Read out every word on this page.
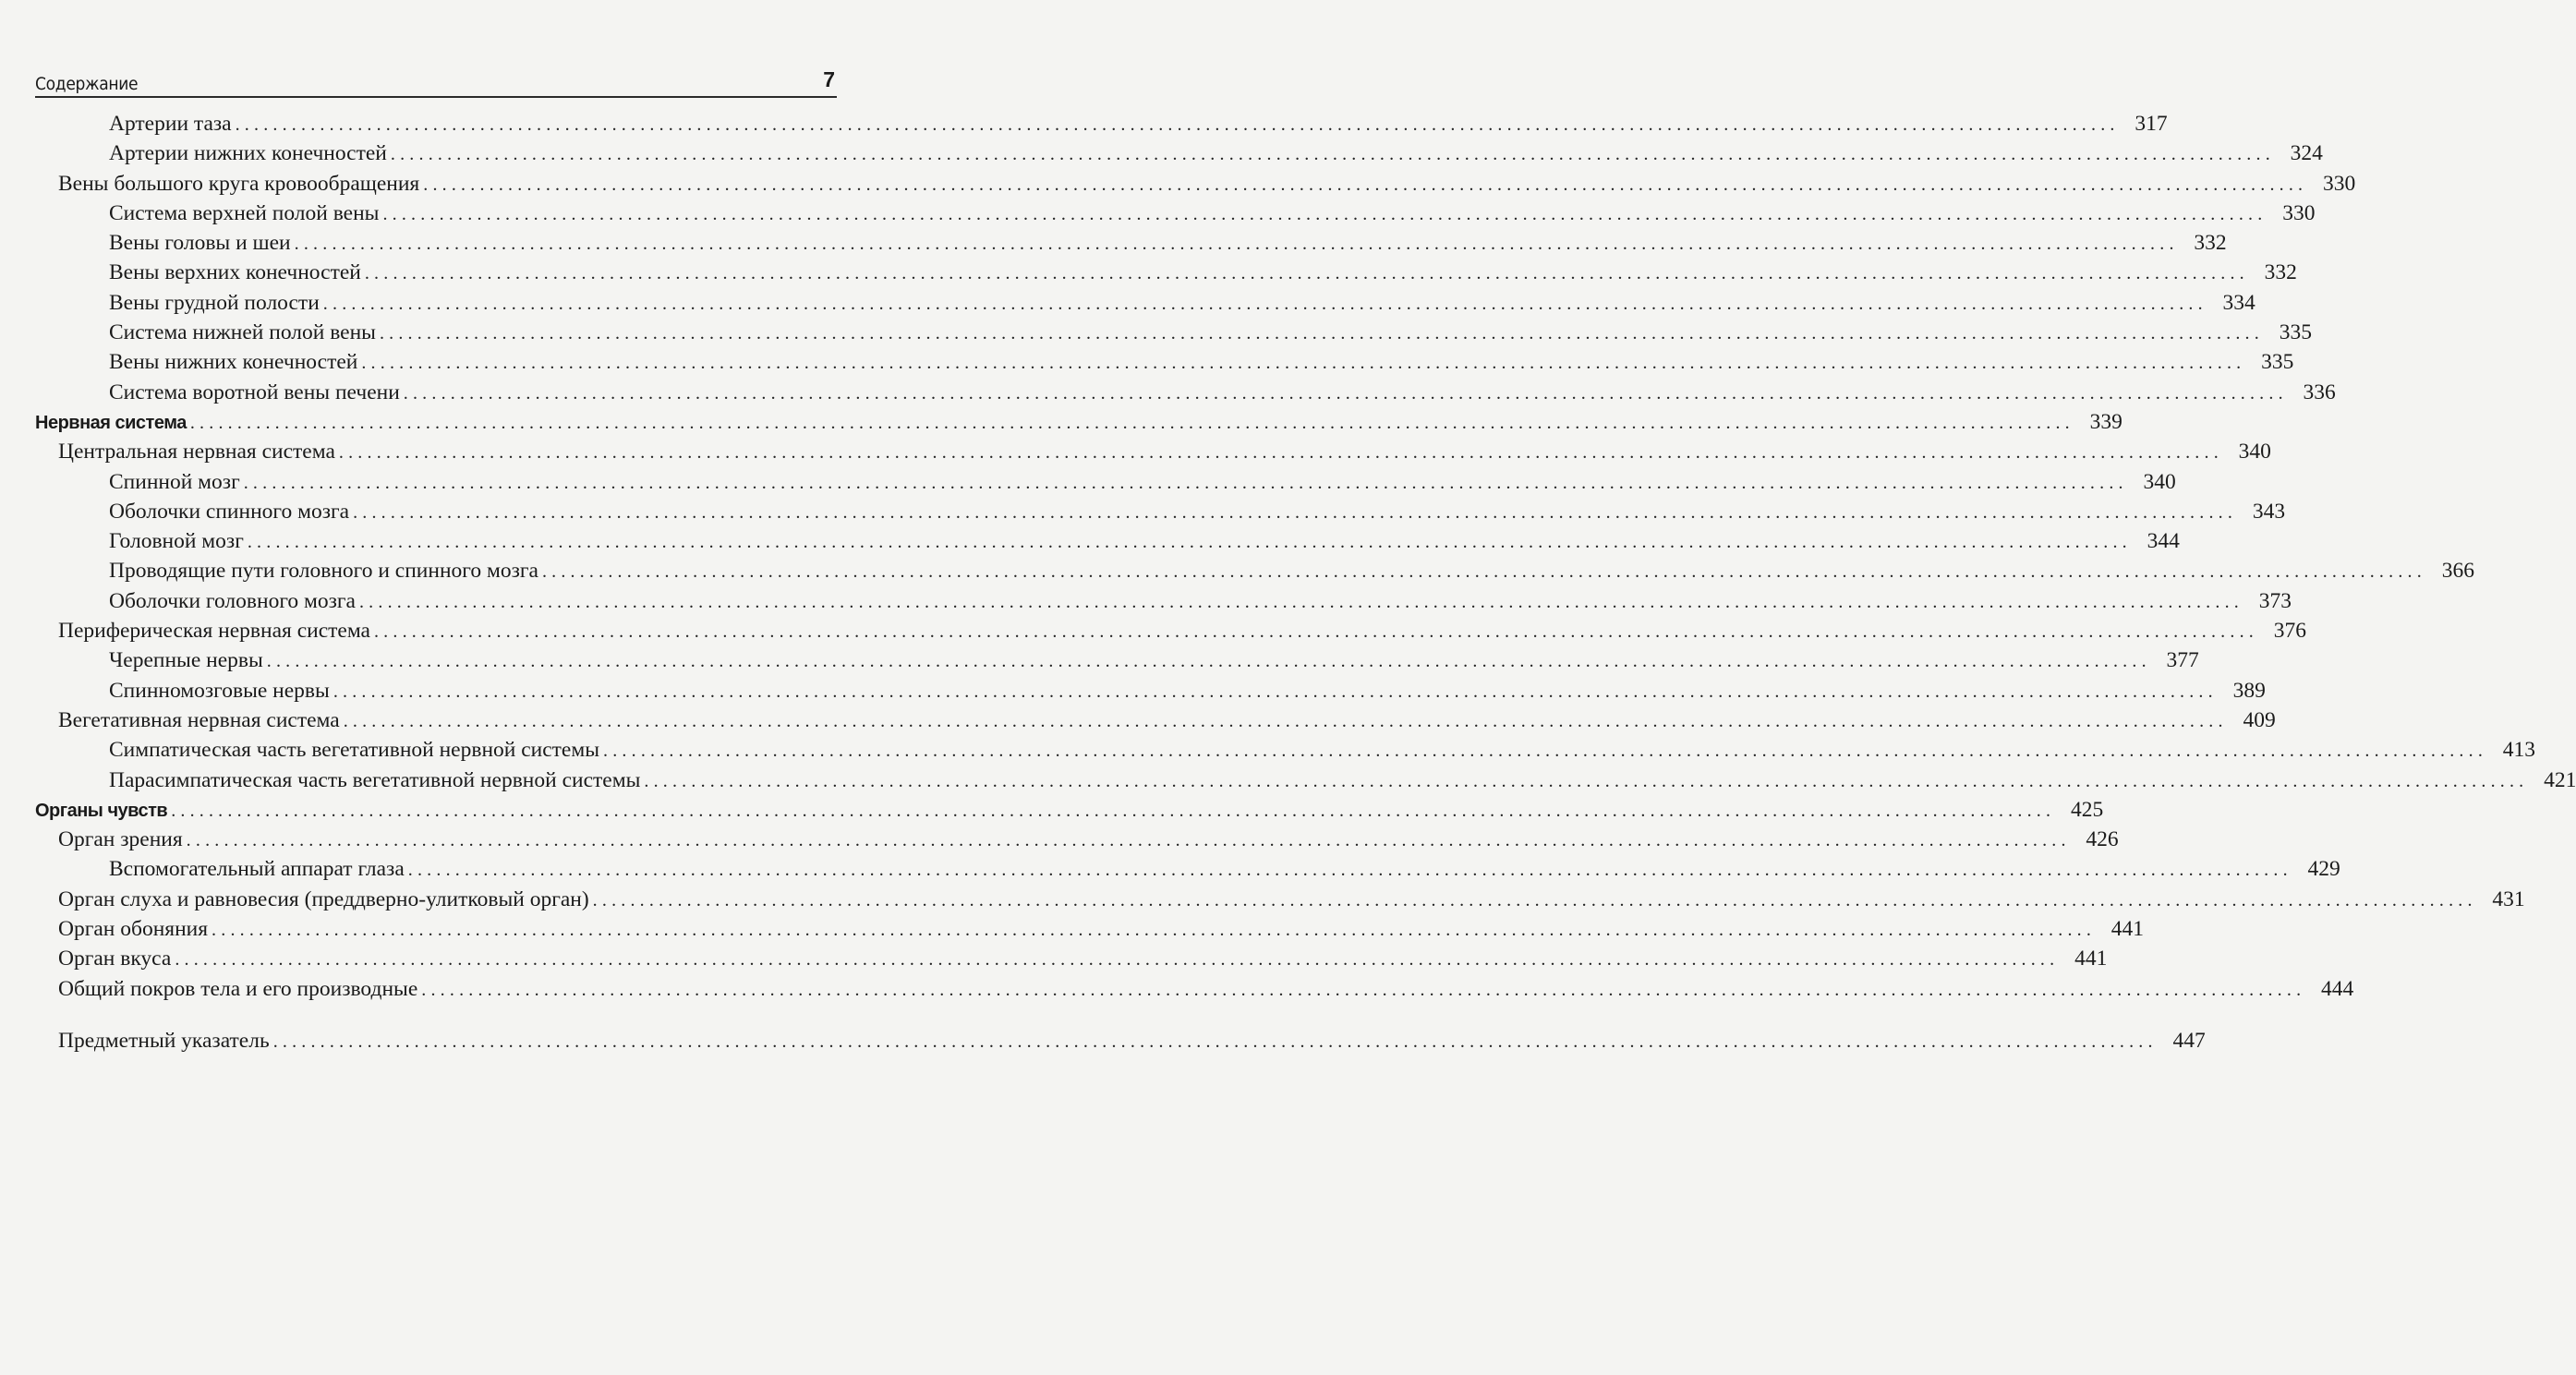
Содержание	7
Артерии таза ........................................................................................................................................................................................................ 317
Артерии нижних конечностей ........................................................................................................................................................................................................ 324
Вены большого круга кровообращения ........................................................................................................................................................................................................ 330
Система верхней полой вены ........................................................................................................................................................................................................ 330
Вены головы и шеи ........................................................................................................................................................................................................ 332
Вены верхних конечностей ........................................................................................................................................................................................................ 332
Вены грудной полости ........................................................................................................................................................................................................ 334
Система нижней полой вены ........................................................................................................................................................................................................ 335
Вены нижних конечностей ........................................................................................................................................................................................................ 335
Система воротной вены печени ........................................................................................................................................................................................................ 336
Нервная система ........................................................................................................................................................................................................ 339
Центральная нервная система ........................................................................................................................................................................................................ 340
Спинной мозг ........................................................................................................................................................................................................ 340
Оболочки спинного мозга ........................................................................................................................................................................................................ 343
Головной мозг ........................................................................................................................................................................................................ 344
Проводящие пути головного и спинного мозга ........................................................................................................................................................................................................ 366
Оболочки головного мозга ........................................................................................................................................................................................................ 373
Периферическая нервная система ........................................................................................................................................................................................................ 376
Черепные нервы ........................................................................................................................................................................................................ 377
Спинномозговые нервы ........................................................................................................................................................................................................ 389
Вегетативная нервная система ........................................................................................................................................................................................................ 409
Симпатическая часть вегетативной нервной системы ........................................................................................................................................................................................................ 413
Парасимпатическая часть вегетативной нервной системы ........................................................................................................................................................................................................ 421
Органы чувств ........................................................................................................................................................................................................ 425
Орган зрения ........................................................................................................................................................................................................ 426
Вспомогательный аппарат глаза ........................................................................................................................................................................................................ 429
Орган слуха и равновесия (преддверно-улитковый орган) ........................................................................................................................................................................................................ 431
Орган обоняния ........................................................................................................................................................................................................ 441
Орган вкуса ........................................................................................................................................................................................................ 441
Общий покров тела и его производные ........................................................................................................................................................................................................ 444
Предметный указатель ........................................................................................................................................................................................................ 447
